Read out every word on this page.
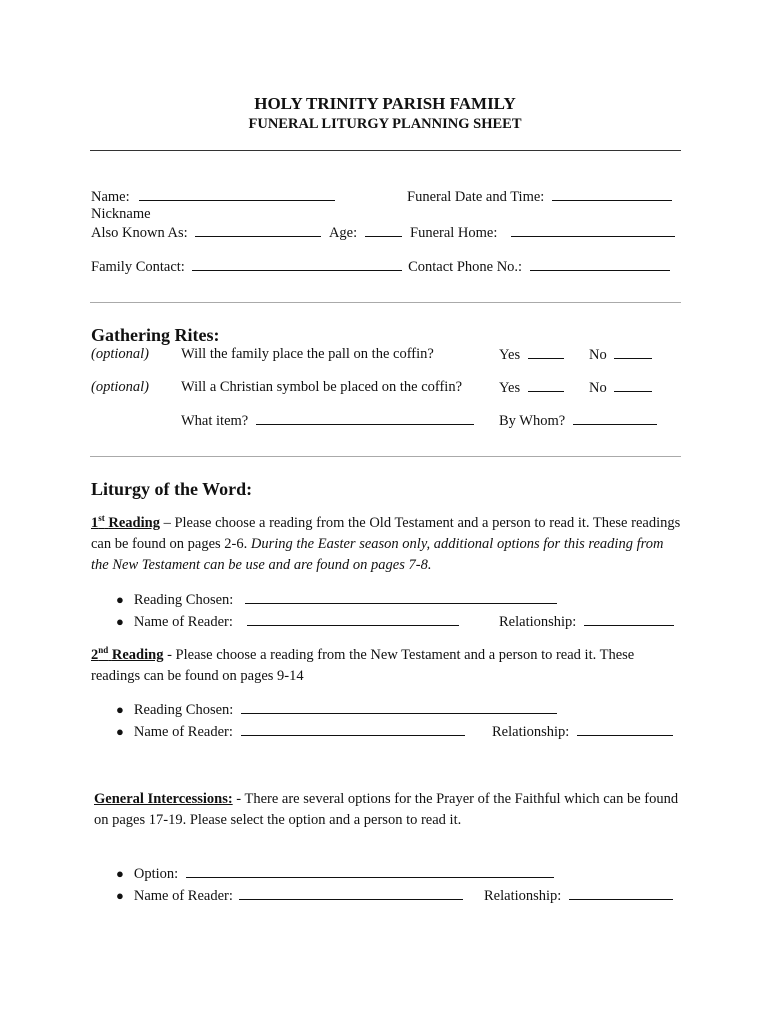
HOLY TRINITY PARISH FAMILY
FUNERAL LITURGY PLANNING SHEET
Name:	Funeral Date and Time:
Nickname
Also Known As:	Age:	Funeral Home:
Family Contact:	Contact Phone No.:
Gathering Rites:
(optional) Will the family place the pall on the coffin?	Yes	No
(optional) Will a Christian symbol be placed on the coffin?	Yes	No
What item?	By Whom?
Liturgy of the Word:
1st Reading – Please choose a reading from the Old Testament and a person to read it. These readings can be found on pages 2-6. During the Easter season only, additional options for this reading from the New Testament can be use and are found on pages 7-8.
● Reading Chosen:
● Name of Reader:	Relationship:
2nd Reading - Please choose a reading from the New Testament and a person to read it. These readings can be found on pages 9-14
● Reading Chosen:
● Name of Reader:	Relationship:
General Intercessions: - There are several options for the Prayer of the Faithful which can be found on pages 17-19. Please select the option and a person to read it.
● Option:
● Name of Reader:	Relationship:
